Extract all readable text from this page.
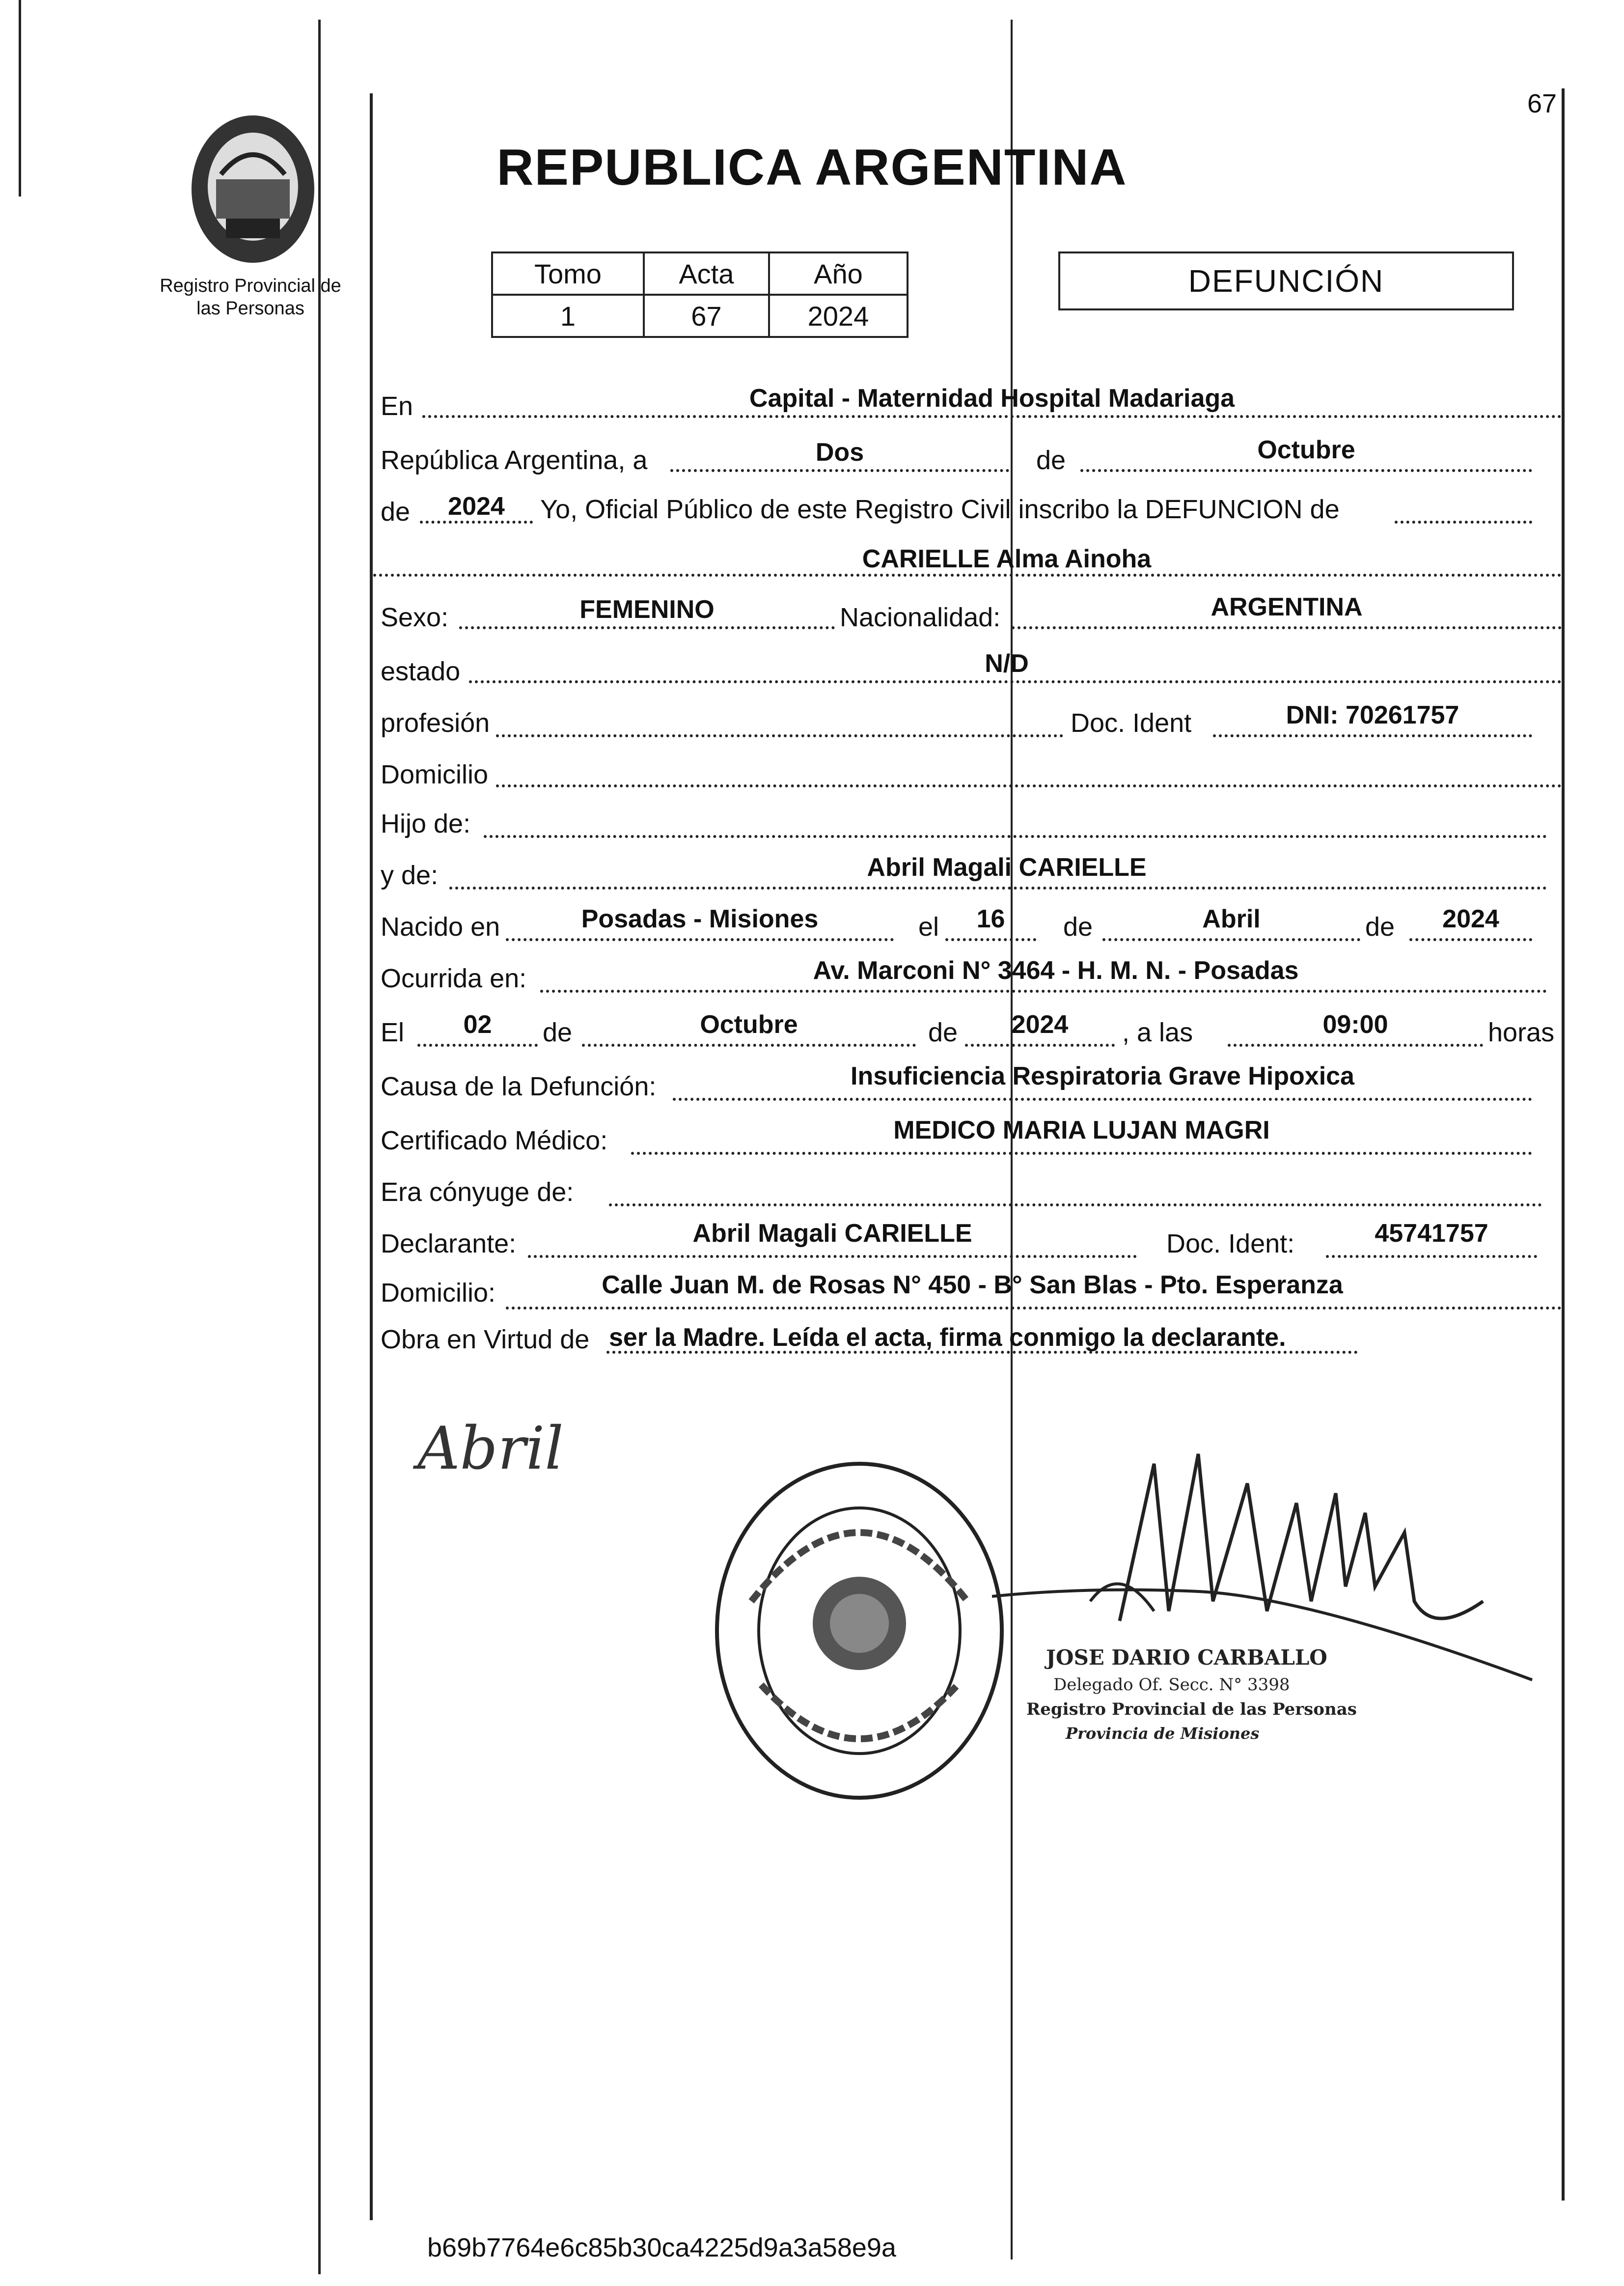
Registro Provincial de
las Personas
67
REPUBLICA ARGENTINA
Tomo	Acta	Año
1	67	2024
DEFUNCIÓN
En	Capital - Maternidad Hospital Madariaga
República Argentina, a	Dos	de	Octubre
de	2024	Yo, Oficial Público de este Registro Civil inscribo la DEFUNCION de
CARIELLE Alma Ainoha
Sexo:	FEMENINO	Nacionalidad:	ARGENTINA
estado	N/D
profesión	Doc. Ident	DNI: 70261757
Domicilio
Hijo de:
y de:	Abril Magali CARIELLE
Nacido en	Posadas - Misiones	el	16	de	Abril	de	2024
Ocurrida en:	Av. Marconi N° 3464 - H. M. N. - Posadas
El	02	de	Octubre	de	2024	, a las	09:00	horas
Causa de la Defunción:	Insuficiencia Respiratoria Grave Hipoxica
Certificado Médico:	MEDICO MARIA LUJAN MAGRI
Era cónyuge de:
Declarante:	Abril Magali CARIELLE	Doc. Ident:	45741757
Domicilio:	Calle Juan M. de Rosas N° 450 - B° San Blas - Pto. Esperanza
Obra en Virtud de ser la Madre. Leída el acta, firma conmigo la declarante.
Abril
JOSE DARIO CARBALLO
Delegado Of. Secc. N° 3398
Registro Provincial de las Personas
Provincia de Misiones
b69b7764e6c85b30ca4225d9a3a58e9a
